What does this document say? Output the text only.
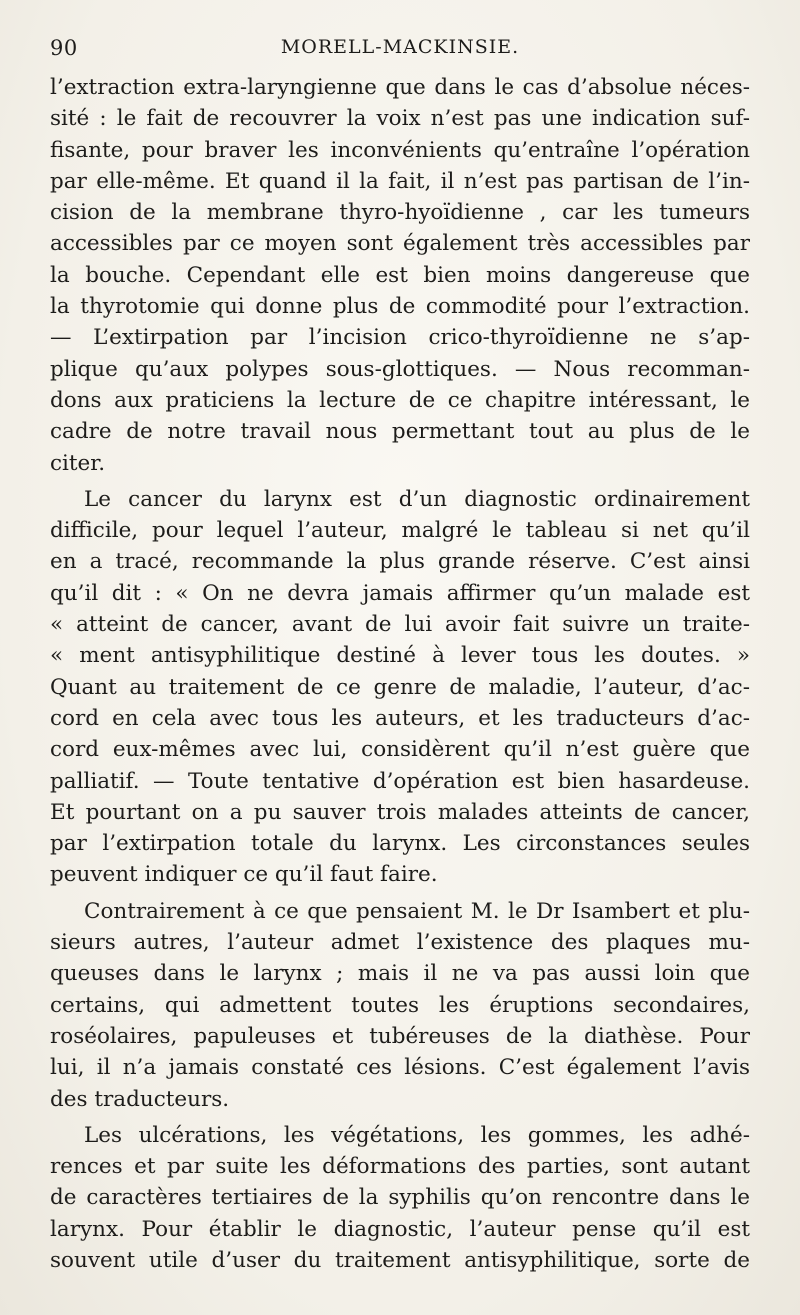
90	MORELL-MACKINSIE.
l’extraction extra-laryngienne que dans le cas d’absolue néces-
sité : le fait de recouvrer la voix n’est pas une indication suf-
fisante, pour braver les inconvénients qu’entraîne l’opération
par elle-même. Et quand il la fait, il n’est pas partisan de l’in-
cision de la membrane thyro-hyoïdienne , car les tumeurs
accessibles par ce moyen sont également très accessibles par
la bouche. Cependant elle est bien moins dangereuse que
la thyrotomie qui donne plus de commodité pour l’extraction.
— L’extirpation par l’incision crico-thyroïdienne ne s’ap-
plique qu’aux polypes sous-glottiques. — Nous recomman-
dons aux praticiens la lecture de ce chapitre intéressant, le
cadre de notre travail nous permettant tout au plus de le
citer.
Le cancer du larynx est d’un diagnostic ordinairement
difficile, pour lequel l’auteur, malgré le tableau si net qu’il
en a tracé, recommande la plus grande réserve. C’est ainsi
qu’il dit : « On ne devra jamais affirmer qu’un malade est
« atteint de cancer, avant de lui avoir fait suivre un traite-
« ment antisyphilitique destiné à lever tous les doutes. »
Quant au traitement de ce genre de maladie, l’auteur, d’ac-
cord en cela avec tous les auteurs, et les traducteurs d’ac-
cord eux-mêmes avec lui, considèrent qu’il n’est guère que
palliatif. — Toute tentative d’opération est bien hasardeuse.
Et pourtant on a pu sauver trois malades atteints de cancer,
par l’extirpation totale du larynx. Les circonstances seules
peuvent indiquer ce qu’il faut faire.
Contrairement à ce que pensaient M. le Dr Isambert et plu-
sieurs autres, l’auteur admet l’existence des plaques mu-
queuses dans le larynx ; mais il ne va pas aussi loin que
certains, qui admettent toutes les éruptions secondaires,
roséolaires, papuleuses et tubéreuses de la diathèse. Pour
lui, il n’a jamais constaté ces lésions. C’est également l’avis
des traducteurs.
Les ulcérations, les végétations, les gommes, les adhé-
rences et par suite les déformations des parties, sont autant
de caractères tertiaires de la syphilis qu’on rencontre dans le
larynx. Pour établir le diagnostic, l’auteur pense qu’il est
souvent utile d’user du traitement antisyphilitique, sorte de
